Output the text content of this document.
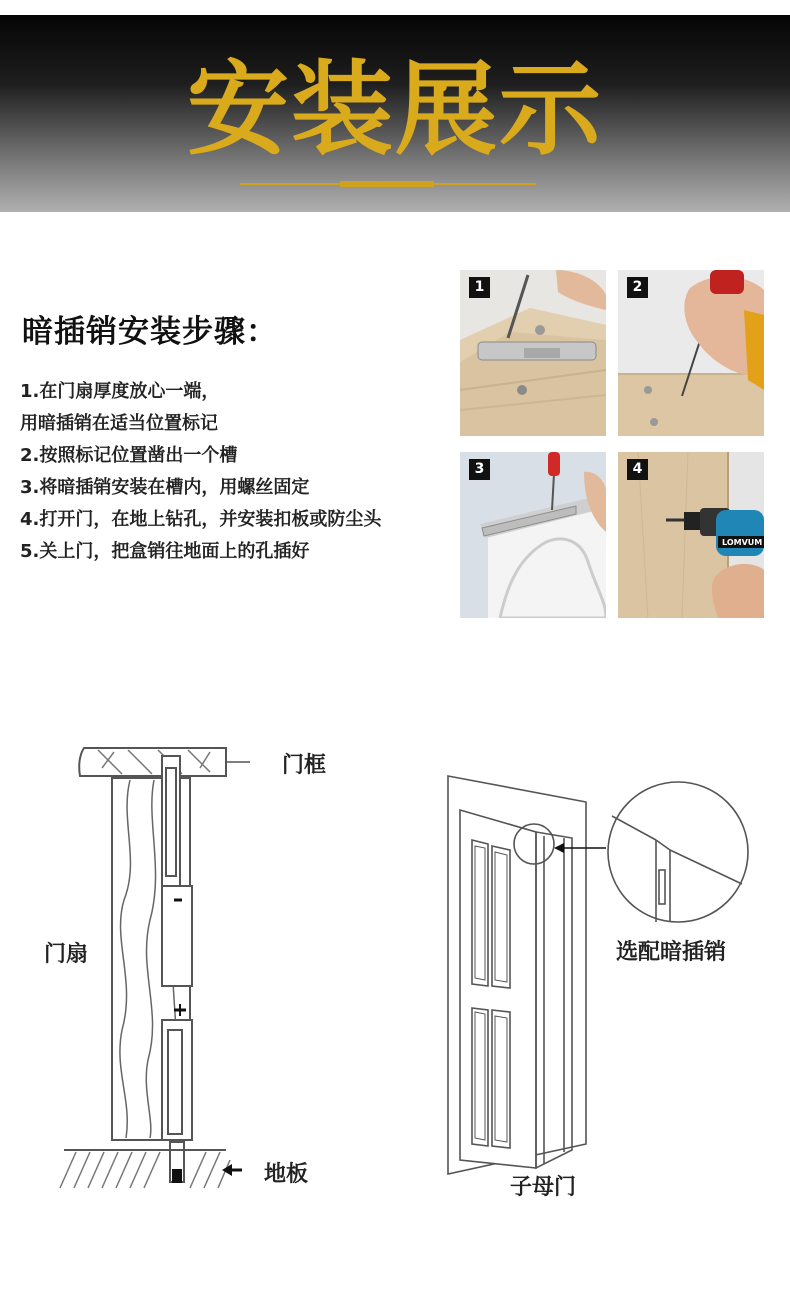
安装展示
暗插销安装步骤：
1.在门扇厚度放心一端，
用暗插销在适当位置标记
2.按照标记位置凿出一个槽
3.将暗插销安装在槽内，用螺丝固定
4.打开门，在地上钻孔，并安装扣板或防尘头
5.关上门，把盒销往地面上的孔插好
1	2
3
LOMVUM
4
门框
门扇
地板
选配暗插销
子母门
